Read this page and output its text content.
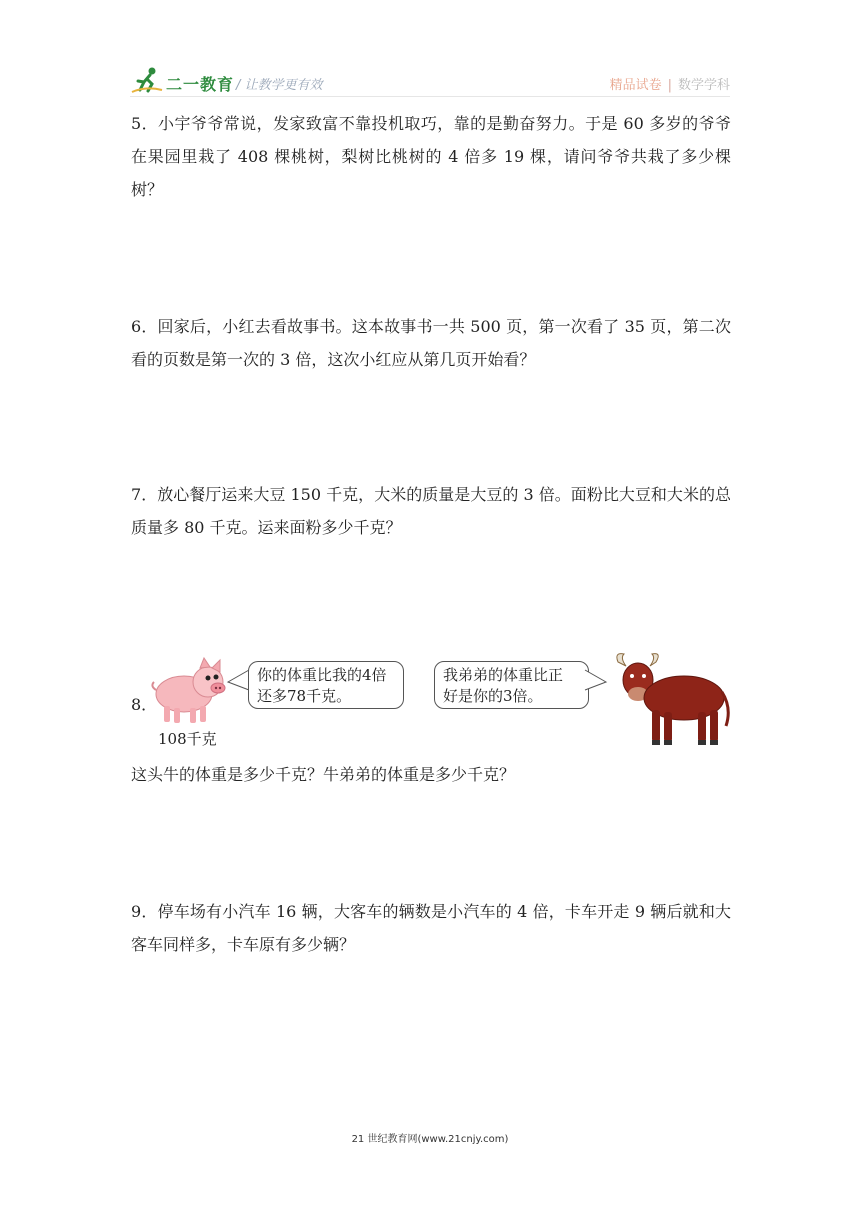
二一教育 / 让教学更有效	精品试卷 | 数学学科
5．小宇爷爷常说，发家致富不靠投机取巧，靠的是勤奋努力。于是 60 多岁的爷爷在果园里栽了 408 棵桃树，梨树比桃树的 4 倍多 19 棵，请问爷爷共栽了多少棵树？
6．回家后，小红去看故事书。这本故事书一共 500 页，第一次看了 35 页，第二次看的页数是第一次的 3 倍，这次小红应从第几页开始看？
7．放心餐厅运来大豆 150 千克，大米的质量是大豆的 3 倍。面粉比大豆和大米的总质量多 80 千克。运来面粉多少千克？
8．
108千克
你的体重比我的4倍
还多78千克。
我弟弟的体重比正
好是你的3倍。
这头牛的体重是多少千克？牛弟弟的体重是多少千克？
9．停车场有小汽车 16 辆，大客车的辆数是小汽车的 4 倍，卡车开走 9 辆后就和大客车同样多，卡车原有多少辆？
21 世纪教育网(www.21cnjy.com)
